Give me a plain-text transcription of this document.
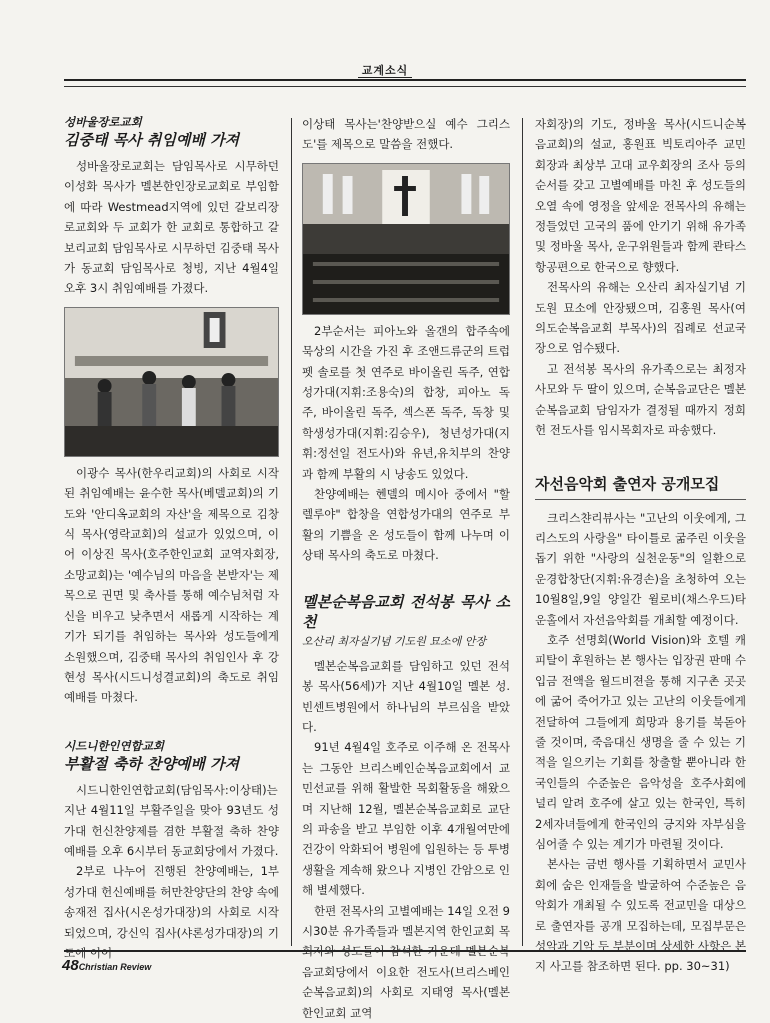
교계소식
성바울장로교회
김중태 목사 취임예배 가져

성바울장로교회는 담임목사로 시무하던 이성화 목사가 멜본한인장로교회로 부임함에 따라 Westmead지역에 있던 갈보리장로교회와 두 교회가 한 교회로 통합하고 갈보리교회 담임목사로 시무하던 김중태 목사가 동교회 담임목사로 청빙, 지난 4월4일 오후 3시 취임예배를 가졌다.

이광수 목사(한우리교회)의 사회로 시작된 취임예배는 윤수한 목사(베델교회)의 기도와 '안디옥교회의 자산'을 제목으로 김창식 목사(영락교회)의 설교가 있었으며, 이어 이상진 목사(호주한인교회 교역자회장, 소망교회)는 '예수님의 마음을 본받자'는 제목으로 권면 및 축사를 통해 예수님처럼 자신을 비우고 낮추면서 새롭게 시작하는 계기가 되기를 취임하는 목사와 성도들에게 소원했으며, 김중태 목사의 취임인사 후 강현성 목사(시드니성결교회)의 축도로 취임예배를 마쳤다.

시드니한인연합교회
부활절 축하 찬양예배 가져

시드니한인연합교회(담임목사:이상태)는 지난 4월11일 부활주일을 맞아 93년도 성가대 헌신찬양제를 겸한 부활절 축하 찬양예배를 오후 6시부터 동교회당에서 가졌다.

2부로 나누어 진행된 찬양예배는, 1부 성가대 헌신예배를 허만찬양단의 찬양 속에 송재전 집사(시온성가대장)의 사회로 시작되었으며, 강신익 집사(샤론성가대장)의 기도에 이어

이상태 목사는'찬양받으실 예수 그리스도'를 제목으로 말씀을 전했다.

2부순서는 피아노와 올갠의 합주속에 묵상의 시간을 가진 후 조앤드류군의 트럽펫 솔로를 첫 연주로 바이올린 독주, 연합성가대(지휘:조용숙)의 합창, 피아노 독주, 바이올린 독주, 섹스폰 독주, 독창 및 학생성가대(지휘:김승우), 청년성가대(지휘:정선일 전도사)와 유년,유치부의 찬양과 함께 부활의 시 낭송도 있었다.

찬양예배는 헨델의 메시아 중에서 "할렐루야" 합창을 연합성가대의 연주로 부활의 기쁨을 온 성도들이 함께 나누며 이상태 목사의 축도로 마쳤다.

멜본순복음교회 전석봉 목사 소천
오산리 최자실기념 기도원 묘소에 안장

멜본순복음교회를 담임하고 있던 전석봉 목사(56세)가 지난 4월10일 멜본 성.빈센트병원에서 하나님의 부르심을 받았다.

91년 4월4일 호주로 이주해 온 전목사는 그동안 브리스베인순복음교회에서 교민선교를 위해 활발한 목회활동을 해왔으며 지난해 12월, 멜본순복음교회로 교단의 파송을 받고 부임한 이후 4개월여만에 건강이 악화되어 병원에 입원하는 등 투병생활을 계속해 왔으나 지병인 간암으로 인해 별세했다.

한편 전목사의 고별예배는 14일 오전 9시30분 유가족들과 멜본지역 한인교회 목회자와 성도들이 참석한 가운데 멜본순복음교회당에서 이요한 전도사(브리스베인순복음교회)의 사회로 지태영 목사(멜본한인교회 교역

자회장)의 기도, 정바울 목사(시드니순복음교회)의 설교, 홍원표 빅토리아주 교민회장과 최상부 고대 교우회장의 조사 등의 순서를 갖고 고별예배를 마친 후 성도들의 오열 속에 영정을 앞세운 전목사의 유해는 정들었던 고국의 품에 안기기 위해 유가족 및 정바울 목사, 운구위원들과 함께 콴타스항공편으로 한국으로 향했다.

전목사의 유해는 오산리 최자실기념 기도원 묘소에 안장됐으며, 김홍원 목사(여의도순복음교회 부목사)의 집례로 선교국장으로 엄수됐다.

고 전석봉 목사의 유가족으로는 최정자 사모와 두 딸이 있으며, 순복음교단은 멜본순복음교회 담임자가 결정될 때까지 정희헌 전도사를 임시목회자로 파송했다.

자선음악회 출연자 공개모집

크리스챤리뷰사는 "고난의 이웃에게, 그리스도의 사랑을" 타이틀로 굶주린 이웃을 돕기 위한 "사랑의 실천운동"의 일환으로 운경합창단(지휘:유경손)을 초청하여 오는 10월8일,9일 양일간 윌로비(채스우드)타운홀에서 자선음악회를 개최할 예정이다.

호주 선명회(World Vision)와 호텔 캐피탈이 후원하는 본 행사는 입장권 판매 수입금 전액을 월드비젼을 통해 지구촌 곳곳에 굶어 죽어가고 있는 고난의 이웃들에게 전달하여 그들에게 희망과 용기를 북돋아 줄 것이며, 죽음대신 생명을 줄 수 있는 기적을 일으키는 기회를 창출할 뿐아니라 한국인들의 수준높은 음악성을 호주사회에 널리 알려 호주에 살고 있는 한국인, 특히 2세자녀들에게 한국인의 긍지와 자부심을 심어줄 수 있는 계기가 마련될 것이다.

본사는 금번 행사를 기획하면서 교민사회에 숨은 인재들을 발굴하여 수준높은 음악회가 개최될 수 있도록 전교민을 대상으로 출연자를 공개 모집하는데, 모집부문은 성악과 기악 두 부분이며 상세한 사항은 본지 사고를 참조하면 된다. pp. 30~31)

48Christian Review
